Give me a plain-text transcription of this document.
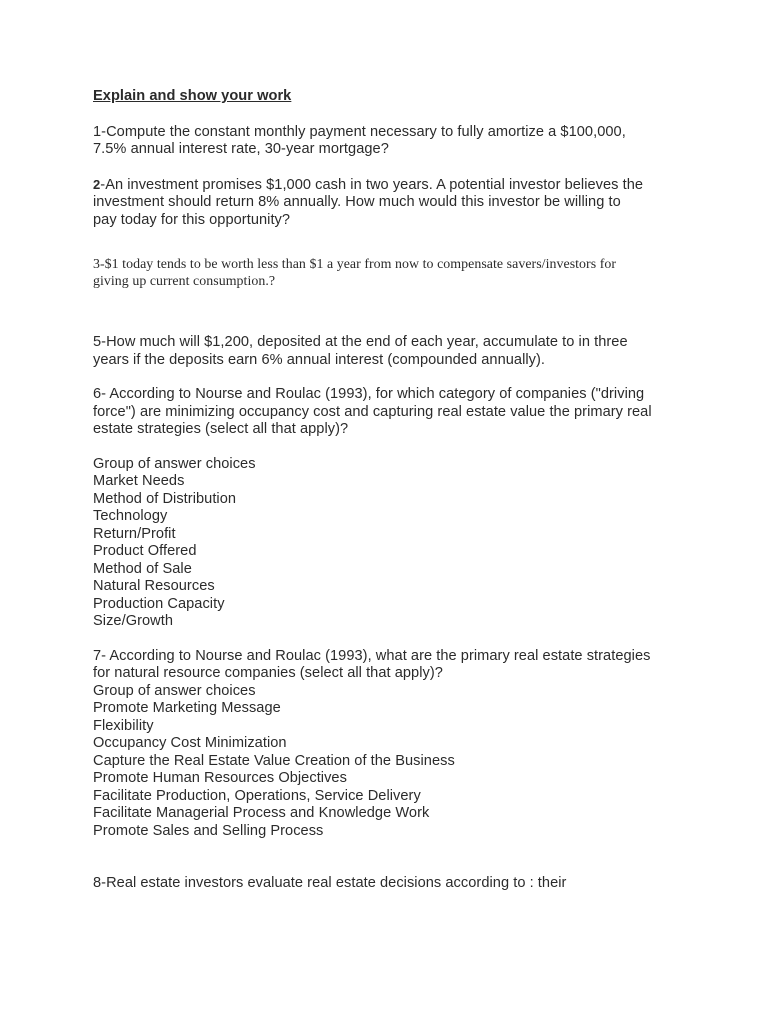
Explain and show your work

1-Compute the constant monthly payment necessary to fully amortize a $100,000,
7.5% annual interest rate, 30-year mortgage?
2-An investment promises $1,000 cash in two years. A potential investor believes the
investment should return 8% annually. How much would this investor be willing to
pay today for this opportunity?
3-$1 today tends to be worth less than $1 a year from now to compensate savers/investors for
giving up current consumption.?
5-How much will $1,200, deposited at the end of each year, accumulate to in three
years if the deposits earn 6% annual interest (compounded annually).
6- According to Nourse and Roulac (1993), for which category of companies ("driving
force") are minimizing occupancy cost and capturing real estate value the primary real
estate strategies (select all that apply)?
Group of answer choices
Market Needs
Method of Distribution
Technology
Return/Profit
Product Offered
Method of Sale
Natural Resources
Production Capacity
Size/Growth
7- According to Nourse and Roulac (1993), what are the primary real estate strategies
for natural resource companies (select all that apply)?
Group of answer choices
Promote Marketing Message
Flexibility
Occupancy Cost Minimization
Capture the Real Estate Value Creation of the Business
Promote Human Resources Objectives
Facilitate Production, Operations, Service Delivery
Facilitate Managerial Process and Knowledge Work
Promote Sales and Selling Process
8-Real estate investors evaluate real estate decisions according to : their
